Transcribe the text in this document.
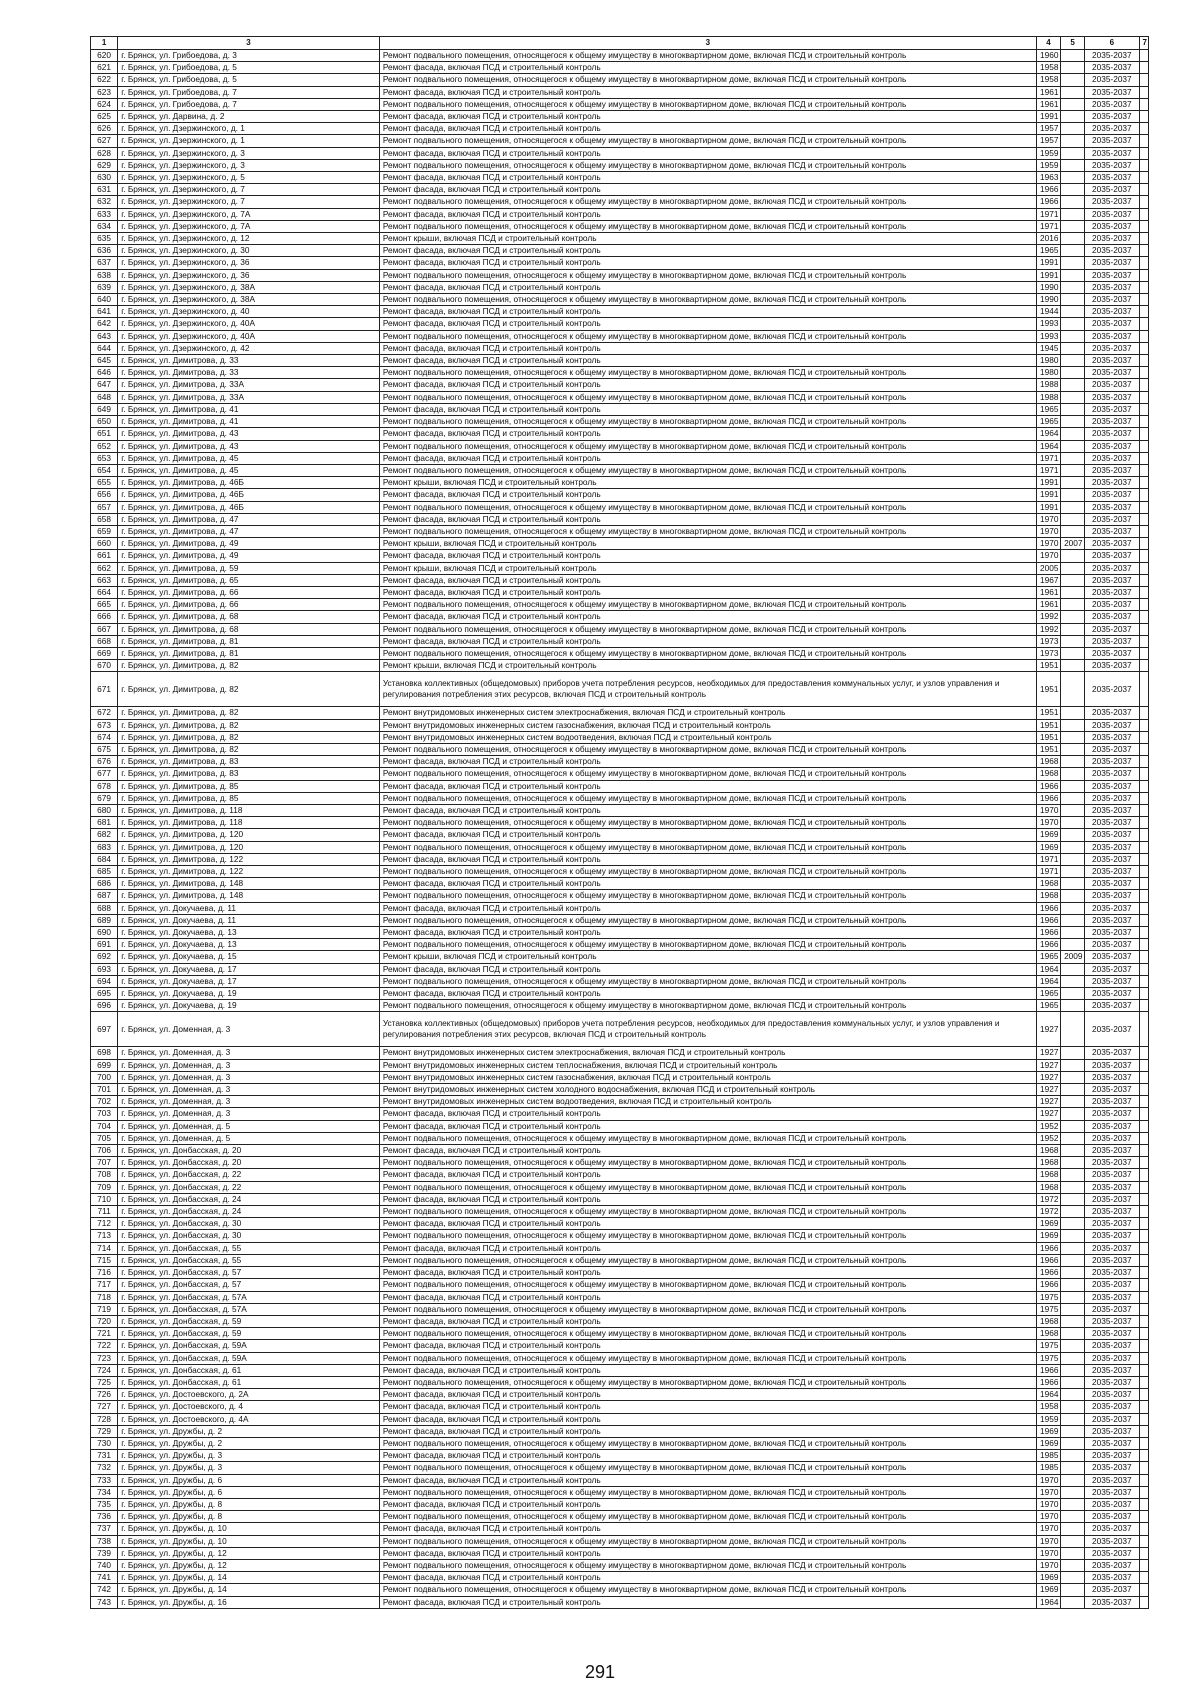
1	3	3	4	5	6	7
620	г. Брянск, ул. Грибоедова, д. 3	Ремонт подвального помещения, относящегося к общему имуществу в многоквартирном доме, включая ПСД и строительный контроль	1960		2035-2037	
621	г. Брянск, ул. Грибоедова, д. 5	Ремонт фасада, включая ПСД и строительный контроль	1958		2035-2037	
622	г. Брянск, ул. Грибоедова, д. 5	Ремонт подвального помещения, относящегося к общему имуществу в многоквартирном доме, включая ПСД и строительный контроль	1958		2035-2037	
623	г. Брянск, ул. Грибоедова, д. 7	Ремонт фасада, включая ПСД и строительный контроль	1961		2035-2037	
624	г. Брянск, ул. Грибоедова, д. 7	Ремонт подвального помещения, относящегося к общему имуществу в многоквартирном доме, включая ПСД и строительный контроль	1961		2035-2037	
625	г. Брянск, ул. Дарвина, д. 2	Ремонт фасада, включая ПСД и строительный контроль	1991		2035-2037	
626	г. Брянск, ул. Дзержинского, д. 1	Ремонт фасада, включая ПСД и строительный контроль	1957		2035-2037	
627	г. Брянск, ул. Дзержинского, д. 1	Ремонт подвального помещения, относящегося к общему имуществу в многоквартирном доме, включая ПСД и строительный контроль	1957		2035-2037	
628	г. Брянск, ул. Дзержинского, д. 3	Ремонт фасада, включая ПСД и строительный контроль	1959		2035-2037	
629	г. Брянск, ул. Дзержинского, д. 3	Ремонт подвального помещения, относящегося к общему имуществу в многоквартирном доме, включая ПСД и строительный контроль	1959		2035-2037	
630	г. Брянск, ул. Дзержинского, д. 5	Ремонт фасада, включая ПСД и строительный контроль	1963		2035-2037	
631	г. Брянск, ул. Дзержинского, д. 7	Ремонт фасада, включая ПСД и строительный контроль	1966		2035-2037	
632	г. Брянск, ул. Дзержинского, д. 7	Ремонт подвального помещения, относящегося к общему имуществу в многоквартирном доме, включая ПСД и строительный контроль	1966		2035-2037	
633	г. Брянск, ул. Дзержинского, д. 7А	Ремонт фасада, включая ПСД и строительный контроль	1971		2035-2037	
634	г. Брянск, ул. Дзержинского, д. 7А	Ремонт подвального помещения, относящегося к общему имуществу в многоквартирном доме, включая ПСД и строительный контроль	1971		2035-2037	
635	г. Брянск, ул. Дзержинского, д. 12	Ремонт крыши, включая ПСД и строительный контроль	2016		2035-2037	
636	г. Брянск, ул. Дзержинского, д. 30	Ремонт фасада, включая ПСД и строительный контроль	1965		2035-2037	
637	г. Брянск, ул. Дзержинского, д. 36	Ремонт фасада, включая ПСД и строительный контроль	1991		2035-2037	
638	г. Брянск, ул. Дзержинского, д. 36	Ремонт подвального помещения, относящегося к общему имуществу в многоквартирном доме, включая ПСД и строительный контроль	1991		2035-2037	
639	г. Брянск, ул. Дзержинского, д. 38А	Ремонт фасада, включая ПСД и строительный контроль	1990		2035-2037	
640	г. Брянск, ул. Дзержинского, д. 38А	Ремонт подвального помещения, относящегося к общему имуществу в многоквартирном доме, включая ПСД и строительный контроль	1990		2035-2037	
641	г. Брянск, ул. Дзержинского, д. 40	Ремонт фасада, включая ПСД и строительный контроль	1944		2035-2037	
642	г. Брянск, ул. Дзержинского, д. 40А	Ремонт фасада, включая ПСД и строительный контроль	1993		2035-2037	
643	г. Брянск, ул. Дзержинского, д. 40А	Ремонт подвального помещения, относящегося к общему имуществу в многоквартирном доме, включая ПСД и строительный контроль	1993		2035-2037	
644	г. Брянск, ул. Дзержинского, д. 42	Ремонт фасада, включая ПСД и строительный контроль	1945		2035-2037	
645	г. Брянск, ул. Димитрова, д. 33	Ремонт фасада, включая ПСД и строительный контроль	1980		2035-2037	
646	г. Брянск, ул. Димитрова, д. 33	Ремонт подвального помещения, относящегося к общему имуществу в многоквартирном доме, включая ПСД и строительный контроль	1980		2035-2037	
647	г. Брянск, ул. Димитрова, д. 33А	Ремонт фасада, включая ПСД и строительный контроль	1988		2035-2037	
648	г. Брянск, ул. Димитрова, д. 33А	Ремонт подвального помещения, относящегося к общему имуществу в многоквартирном доме, включая ПСД и строительный контроль	1988		2035-2037	
649	г. Брянск, ул. Димитрова, д. 41	Ремонт фасада, включая ПСД и строительный контроль	1965		2035-2037	
650	г. Брянск, ул. Димитрова, д. 41	Ремонт подвального помещения, относящегося к общему имуществу в многоквартирном доме, включая ПСД и строительный контроль	1965		2035-2037	
651	г. Брянск, ул. Димитрова, д. 43	Ремонт фасада, включая ПСД и строительный контроль	1964		2035-2037	
652	г. Брянск, ул. Димитрова, д. 43	Ремонт подвального помещения, относящегося к общему имуществу в многоквартирном доме, включая ПСД и строительный контроль	1964		2035-2037	
653	г. Брянск, ул. Димитрова, д. 45	Ремонт фасада, включая ПСД и строительный контроль	1971		2035-2037	
654	г. Брянск, ул. Димитрова, д. 45	Ремонт подвального помещения, относящегося к общему имуществу в многоквартирном доме, включая ПСД и строительный контроль	1971		2035-2037	
655	г. Брянск, ул. Димитрова, д. 46Б	Ремонт крыши, включая ПСД и строительный контроль	1991		2035-2037	
656	г. Брянск, ул. Димитрова, д. 46Б	Ремонт фасада, включая ПСД и строительный контроль	1991		2035-2037	
657	г. Брянск, ул. Димитрова, д. 46Б	Ремонт подвального помещения, относящегося к общему имуществу в многоквартирном доме, включая ПСД и строительный контроль	1991		2035-2037	
658	г. Брянск, ул. Димитрова, д. 47	Ремонт фасада, включая ПСД и строительный контроль	1970		2035-2037	
659	г. Брянск, ул. Димитрова, д. 47	Ремонт подвального помещения, относящегося к общему имуществу в многоквартирном доме, включая ПСД и строительный контроль	1970		2035-2037	
660	г. Брянск, ул. Димитрова, д. 49	Ремонт крыши, включая ПСД и строительный контроль	1970	2007	2035-2037	
661	г. Брянск, ул. Димитрова, д. 49	Ремонт фасада, включая ПСД и строительный контроль	1970		2035-2037	
662	г. Брянск, ул. Димитрова, д. 59	Ремонт крыши, включая ПСД и строительный контроль	2005		2035-2037	
663	г. Брянск, ул. Димитрова, д. 65	Ремонт фасада, включая ПСД и строительный контроль	1967		2035-2037	
664	г. Брянск, ул. Димитрова, д. 66	Ремонт фасада, включая ПСД и строительный контроль	1961		2035-2037	
665	г. Брянск, ул. Димитрова, д. 66	Ремонт подвального помещения, относящегося к общему имуществу в многоквартирном доме, включая ПСД и строительный контроль	1961		2035-2037	
666	г. Брянск, ул. Димитрова, д. 68	Ремонт фасада, включая ПСД и строительный контроль	1992		2035-2037	
667	г. Брянск, ул. Димитрова, д. 68	Ремонт подвального помещения, относящегося к общему имуществу в многоквартирном доме, включая ПСД и строительный контроль	1992		2035-2037	
668	г. Брянск, ул. Димитрова, д. 81	Ремонт фасада, включая ПСД и строительный контроль	1973		2035-2037	
669	г. Брянск, ул. Димитрова, д. 81	Ремонт подвального помещения, относящегося к общему имуществу в многоквартирном доме, включая ПСД и строительный контроль	1973		2035-2037	
670	г. Брянск, ул. Димитрова, д. 82	Ремонт крыши, включая ПСД и строительный контроль	1951		2035-2037	
671	г. Брянск, ул. Димитрова, д. 82	Установка коллективных (общедомовых) приборов учета потребления ресурсов, необходимых для предоставления коммунальных услуг, и узлов управления и регулирования потребления этих ресурсов, включая ПСД и строительный контроль	1951		2035-2037	
672	г. Брянск, ул. Димитрова, д. 82	Ремонт внутридомовых инженерных систем электроснабжения, включая ПСД и строительный контроль	1951		2035-2037	
673	г. Брянск, ул. Димитрова, д. 82	Ремонт внутридомовых инженерных систем газоснабжения, включая ПСД и строительный контроль	1951		2035-2037	
674	г. Брянск, ул. Димитрова, д. 82	Ремонт внутридомовых инженерных систем водоотведения, включая ПСД и строительный контроль	1951		2035-2037	
675	г. Брянск, ул. Димитрова, д. 82	Ремонт подвального помещения, относящегося к общему имуществу в многоквартирном доме, включая ПСД и строительный контроль	1951		2035-2037	
676	г. Брянск, ул. Димитрова, д. 83	Ремонт фасада, включая ПСД и строительный контроль	1968		2035-2037	
677	г. Брянск, ул. Димитрова, д. 83	Ремонт подвального помещения, относящегося к общему имуществу в многоквартирном доме, включая ПСД и строительный контроль	1968		2035-2037	
678	г. Брянск, ул. Димитрова, д. 85	Ремонт фасада, включая ПСД и строительный контроль	1966		2035-2037	
679	г. Брянск, ул. Димитрова, д. 85	Ремонт подвального помещения, относящегося к общему имуществу в многоквартирном доме, включая ПСД и строительный контроль	1966		2035-2037	
680	г. Брянск, ул. Димитрова, д. 118	Ремонт фасада, включая ПСД и строительный контроль	1970		2035-2037	
681	г. Брянск, ул. Димитрова, д. 118	Ремонт подвального помещения, относящегося к общему имуществу в многоквартирном доме, включая ПСД и строительный контроль	1970		2035-2037	
682	г. Брянск, ул. Димитрова, д. 120	Ремонт фасада, включая ПСД и строительный контроль	1969		2035-2037	
683	г. Брянск, ул. Димитрова, д. 120	Ремонт подвального помещения, относящегося к общему имуществу в многоквартирном доме, включая ПСД и строительный контроль	1969		2035-2037	
684	г. Брянск, ул. Димитрова, д. 122	Ремонт фасада, включая ПСД и строительный контроль	1971		2035-2037	
685	г. Брянск, ул. Димитрова, д. 122	Ремонт подвального помещения, относящегося к общему имуществу в многоквартирном доме, включая ПСД и строительный контроль	1971		2035-2037	
686	г. Брянск, ул. Димитрова, д. 148	Ремонт фасада, включая ПСД и строительный контроль	1968		2035-2037	
687	г. Брянск, ул. Димитрова, д. 148	Ремонт подвального помещения, относящегося к общему имуществу в многоквартирном доме, включая ПСД и строительный контроль	1968		2035-2037	
688	г. Брянск, ул. Докучаева, д. 11	Ремонт фасада, включая ПСД и строительный контроль	1966		2035-2037	
689	г. Брянск, ул. Докучаева, д. 11	Ремонт подвального помещения, относящегося к общему имуществу в многоквартирном доме, включая ПСД и строительный контроль	1966		2035-2037	
690	г. Брянск, ул. Докучаева, д. 13	Ремонт фасада, включая ПСД и строительный контроль	1966		2035-2037	
691	г. Брянск, ул. Докучаева, д. 13	Ремонт подвального помещения, относящегося к общему имуществу в многоквартирном доме, включая ПСД и строительный контроль	1966		2035-2037	
692	г. Брянск, ул. Докучаева, д. 15	Ремонт крыши, включая ПСД и строительный контроль	1965	2009	2035-2037	
693	г. Брянск, ул. Докучаева, д. 17	Ремонт фасада, включая ПСД и строительный контроль	1964		2035-2037	
694	г. Брянск, ул. Докучаева, д. 17	Ремонт подвального помещения, относящегося к общему имуществу в многоквартирном доме, включая ПСД и строительный контроль	1964		2035-2037	
695	г. Брянск, ул. Докучаева, д. 19	Ремонт фасада, включая ПСД и строительный контроль	1965		2035-2037	
696	г. Брянск, ул. Докучаева, д. 19	Ремонт подвального помещения, относящегося к общему имуществу в многоквартирном доме, включая ПСД и строительный контроль	1965		2035-2037	
697	г. Брянск, ул. Доменная, д. 3	Установка коллективных (общедомовых) приборов учета потребления ресурсов, необходимых для предоставления коммунальных услуг, и узлов управления и регулирования потребления этих ресурсов, включая ПСД и строительный контроль	1927		2035-2037	
698	г. Брянск, ул. Доменная, д. 3	Ремонт внутридомовых инженерных систем электроснабжения, включая ПСД и строительный контроль	1927		2035-2037	
699	г. Брянск, ул. Доменная, д. 3	Ремонт внутридомовых инженерных систем теплоснабжения, включая ПСД и строительный контроль	1927		2035-2037	
700	г. Брянск, ул. Доменная, д. 3	Ремонт внутридомовых инженерных систем газоснабжения, включая ПСД и строительный контроль	1927		2035-2037	
701	г. Брянск, ул. Доменная, д. 3	Ремонт внутридомовых инженерных систем холодного водоснабжения, включая ПСД и строительный контроль	1927		2035-2037	
702	г. Брянск, ул. Доменная, д. 3	Ремонт внутридомовых инженерных систем водоотведения, включая ПСД и строительный контроль	1927		2035-2037	
703	г. Брянск, ул. Доменная, д. 3	Ремонт фасада, включая ПСД и строительный контроль	1927		2035-2037	
704	г. Брянск, ул. Доменная, д. 5	Ремонт фасада, включая ПСД и строительный контроль	1952		2035-2037	
705	г. Брянск, ул. Доменная, д. 5	Ремонт подвального помещения, относящегося к общему имуществу в многоквартирном доме, включая ПСД и строительный контроль	1952		2035-2037	
706	г. Брянск, ул. Донбасская, д. 20	Ремонт фасада, включая ПСД и строительный контроль	1968		2035-2037	
707	г. Брянск, ул. Донбасская, д. 20	Ремонт подвального помещения, относящегося к общему имуществу в многоквартирном доме, включая ПСД и строительный контроль	1968		2035-2037	
708	г. Брянск, ул. Донбасская, д. 22	Ремонт фасада, включая ПСД и строительный контроль	1968		2035-2037	
709	г. Брянск, ул. Донбасская, д. 22	Ремонт подвального помещения, относящегося к общему имуществу в многоквартирном доме, включая ПСД и строительный контроль	1968		2035-2037	
710	г. Брянск, ул. Донбасская, д. 24	Ремонт фасада, включая ПСД и строительный контроль	1972		2035-2037	
711	г. Брянск, ул. Донбасская, д. 24	Ремонт подвального помещения, относящегося к общему имуществу в многоквартирном доме, включая ПСД и строительный контроль	1972		2035-2037	
712	г. Брянск, ул. Донбасская, д. 30	Ремонт фасада, включая ПСД и строительный контроль	1969		2035-2037	
713	г. Брянск, ул. Донбасская, д. 30	Ремонт подвального помещения, относящегося к общему имуществу в многоквартирном доме, включая ПСД и строительный контроль	1969		2035-2037	
714	г. Брянск, ул. Донбасская, д. 55	Ремонт фасада, включая ПСД и строительный контроль	1966		2035-2037	
715	г. Брянск, ул. Донбасская, д. 55	Ремонт подвального помещения, относящегося к общему имуществу в многоквартирном доме, включая ПСД и строительный контроль	1966		2035-2037	
716	г. Брянск, ул. Донбасская, д. 57	Ремонт фасада, включая ПСД и строительный контроль	1966		2035-2037	
717	г. Брянск, ул. Донбасская, д. 57	Ремонт подвального помещения, относящегося к общему имуществу в многоквартирном доме, включая ПСД и строительный контроль	1966		2035-2037	
718	г. Брянск, ул. Донбасская, д. 57А	Ремонт фасада, включая ПСД и строительный контроль	1975		2035-2037	
719	г. Брянск, ул. Донбасская, д. 57А	Ремонт подвального помещения, относящегося к общему имуществу в многоквартирном доме, включая ПСД и строительный контроль	1975		2035-2037	
720	г. Брянск, ул. Донбасская, д. 59	Ремонт фасада, включая ПСД и строительный контроль	1968		2035-2037	
721	г. Брянск, ул. Донбасская, д. 59	Ремонт подвального помещения, относящегося к общему имуществу в многоквартирном доме, включая ПСД и строительный контроль	1968		2035-2037	
722	г. Брянск, ул. Донбасская, д. 59А	Ремонт фасада, включая ПСД и строительный контроль	1975		2035-2037	
723	г. Брянск, ул. Донбасская, д. 59А	Ремонт подвального помещения, относящегося к общему имуществу в многоквартирном доме, включая ПСД и строительный контроль	1975		2035-2037	
724	г. Брянск, ул. Донбасская, д. 61	Ремонт фасада, включая ПСД и строительный контроль	1966		2035-2037	
725	г. Брянск, ул. Донбасская, д. 61	Ремонт подвального помещения, относящегося к общему имуществу в многоквартирном доме, включая ПСД и строительный контроль	1966		2035-2037	
726	г. Брянск, ул. Достоевского, д. 2А	Ремонт фасада, включая ПСД и строительный контроль	1964		2035-2037	
727	г. Брянск, ул. Достоевского, д. 4	Ремонт фасада, включая ПСД и строительный контроль	1958		2035-2037	
728	г. Брянск, ул. Достоевского, д. 4А	Ремонт фасада, включая ПСД и строительный контроль	1959		2035-2037	
729	г. Брянск, ул. Дружбы, д. 2	Ремонт фасада, включая ПСД и строительный контроль	1969		2035-2037	
730	г. Брянск, ул. Дружбы, д. 2	Ремонт подвального помещения, относящегося к общему имуществу в многоквартирном доме, включая ПСД и строительный контроль	1969		2035-2037	
731	г. Брянск, ул. Дружбы, д. 3	Ремонт фасада, включая ПСД и строительный контроль	1985		2035-2037	
732	г. Брянск, ул. Дружбы, д. 3	Ремонт подвального помещения, относящегося к общему имуществу в многоквартирном доме, включая ПСД и строительный контроль	1985		2035-2037	
733	г. Брянск, ул. Дружбы, д. 6	Ремонт фасада, включая ПСД и строительный контроль	1970		2035-2037	
734	г. Брянск, ул. Дружбы, д. 6	Ремонт подвального помещения, относящегося к общему имуществу в многоквартирном доме, включая ПСД и строительный контроль	1970		2035-2037	
735	г. Брянск, ул. Дружбы, д. 8	Ремонт фасада, включая ПСД и строительный контроль	1970		2035-2037	
736	г. Брянск, ул. Дружбы, д. 8	Ремонт подвального помещения, относящегося к общему имуществу в многоквартирном доме, включая ПСД и строительный контроль	1970		2035-2037	
737	г. Брянск, ул. Дружбы, д. 10	Ремонт фасада, включая ПСД и строительный контроль	1970		2035-2037	
738	г. Брянск, ул. Дружбы, д. 10	Ремонт подвального помещения, относящегося к общему имуществу в многоквартирном доме, включая ПСД и строительный контроль	1970		2035-2037	
739	г. Брянск, ул. Дружбы, д. 12	Ремонт фасада, включая ПСД и строительный контроль	1970		2035-2037	
740	г. Брянск, ул. Дружбы, д. 12	Ремонт подвального помещения, относящегося к общему имуществу в многоквартирном доме, включая ПСД и строительный контроль	1970		2035-2037	
741	г. Брянск, ул. Дружбы, д. 14	Ремонт фасада, включая ПСД и строительный контроль	1969		2035-2037	
742	г. Брянск, ул. Дружбы, д. 14	Ремонт подвального помещения, относящегося к общему имуществу в многоквартирном доме, включая ПСД и строительный контроль	1969		2035-2037	
743	г. Брянск, ул. Дружбы, д. 16	Ремонт фасада, включая ПСД и строительный контроль	1964		2035-2037	
291
